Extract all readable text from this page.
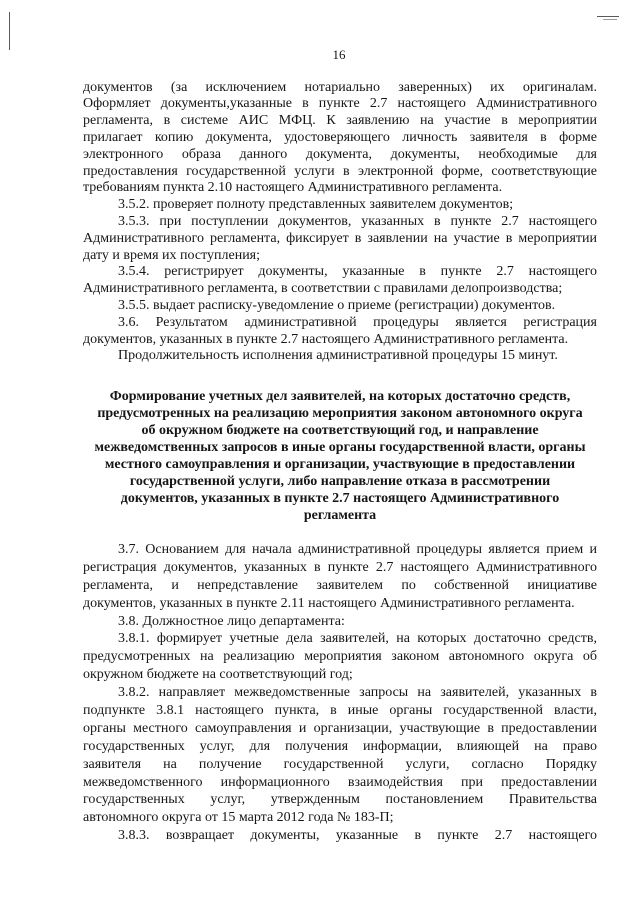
16
документов (за исключением нотариально заверенных) их оригиналам.
Оформляет документы,указанные в пункте 2.7 настоящего Административного
регламента, в системе АИС МФЦ. К заявлению на участие в мероприятии
прилагает копию документа, удостоверяющего личность заявителя в форме
электронного образа данного документа, документы, необходимые для
предоставления государственной услуги в электронной форме, соответствующие
требованиям пункта 2.10 настоящего Административного регламента.
3.5.2. проверяет полноту представленных заявителем документов;
3.5.3. при поступлении документов, указанных в пункте 2.7 настоящего
Административного регламента, фиксирует в заявлении на участие в мероприятии
дату и время их поступления;
3.5.4. регистрирует документы, указанные в пункте 2.7 настоящего
Административного регламента, в соответствии с правилами делопроизводства;
3.5.5. выдает расписку-уведомление о приеме (регистрации) документов.
3.6. Результатом административной процедуры является регистрация
документов, указанных в пункте 2.7 настоящего Административного регламента.
Продолжительность исполнения административной процедуры 15 минут.
Формирование учетных дел заявителей, на которых достаточно средств,
предусмотренных на реализацию мероприятия законом автономного округа
об окружном бюджете на соответствующий год, и направление
межведомственных запросов в иные органы государственной власти, органы
местного самоуправления и организации, участвующие в предоставлении
государственной услуги, либо направление отказа в рассмотрении
документов, указанных в пункте 2.7 настоящего Административного
регламента
3.7. Основанием для начала административной процедуры является прием и
регистрация документов, указанных в пункте 2.7 настоящего Административного
регламента, и непредставление заявителем по собственной инициативе
документов, указанных в пункте 2.11 настоящего Административного регламента.
3.8. Должностное лицо департамента:
3.8.1. формирует учетные дела заявителей, на которых достаточно средств,
предусмотренных на реализацию мероприятия законом автономного округа об
окружном бюджете на соответствующий год;
3.8.2. направляет межведомственные запросы на заявителей, указанных в
подпункте 3.8.1 настоящего пункта, в иные органы государственной власти,
органы местного самоуправления и организации, участвующие в предоставлении
государственных услуг, для получения информации, влияющей на право
заявителя на получение государственной услуги, согласно Порядку
межведомственного информационного взаимодействия при предоставлении
государственных услуг, утвержденным постановлением Правительства
автономного округа от 15 марта 2012 года № 183-П;
3.8.3. возвращает документы, указанные в пункте 2.7 настоящего
